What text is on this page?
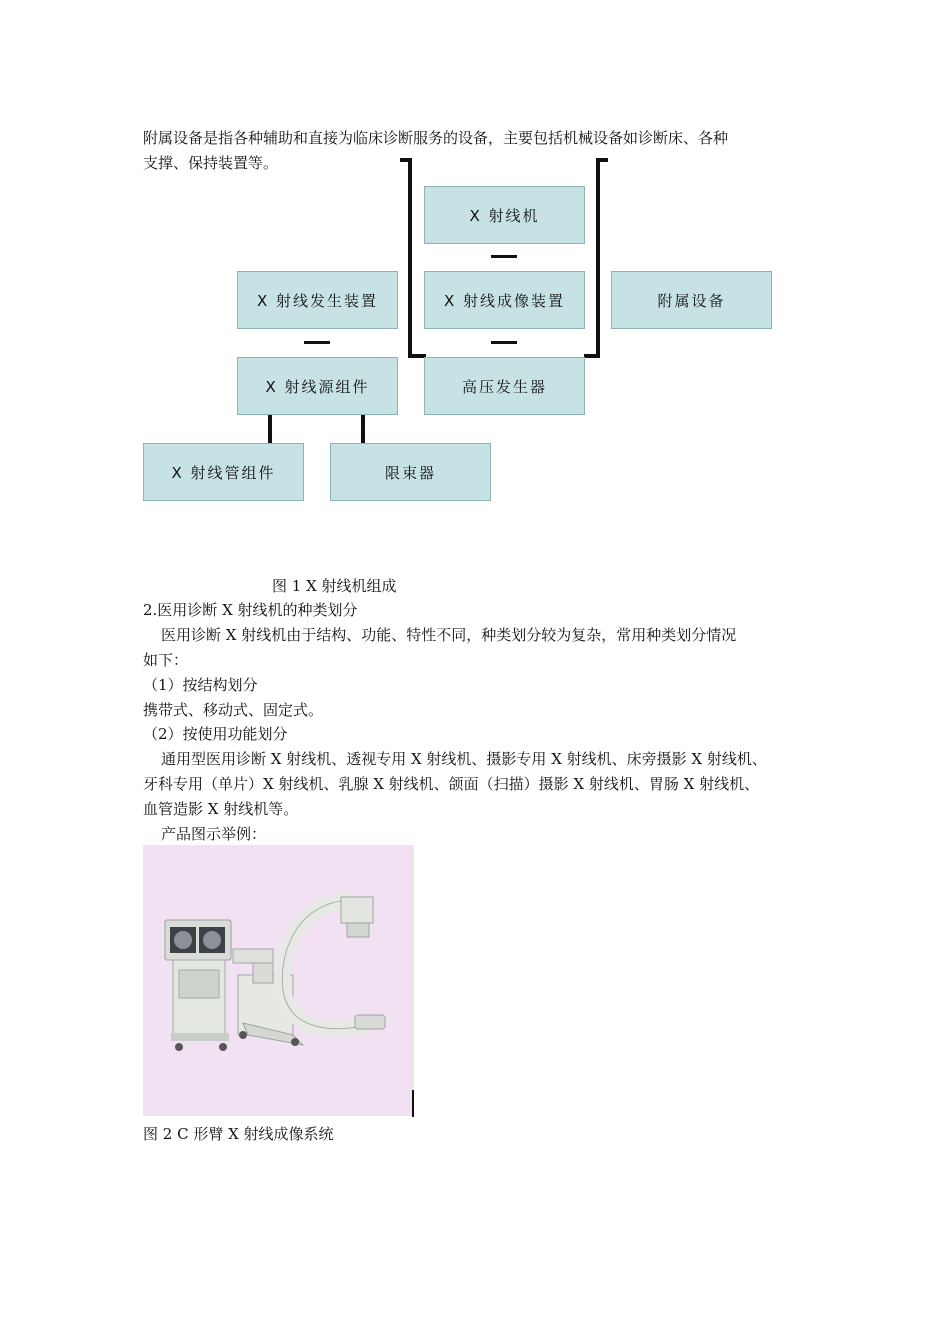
附属设备是指各种辅助和直接为临床诊断服务的设备，主要包括机械设备如诊断床、各种
支撑、保持装置等。
X 射线机
X 射线发生装置	X 射线成像装置	附属设备
X 射线源组件	高压发生器
X 射线管组件	限束器
图 1 X 射线机组成
2.医用诊断 X 射线机的种类划分
医用诊断 X 射线机由于结构、功能、特性不同，种类划分较为复杂，常用种类划分情况
如下：
（1）按结构划分
携带式、移动式、固定式。
（2）按使用功能划分
通用型医用诊断 X 射线机、透视专用 X 射线机、摄影专用 X 射线机、床旁摄影 X 射线机、
牙科专用（单片）X 射线机、乳腺 X 射线机、颌面（扫描）摄影 X 射线机、胃肠 X 射线机、
血管造影 X 射线机等。
产品图示举例：
图 2 C 形臂 X 射线成像系统
